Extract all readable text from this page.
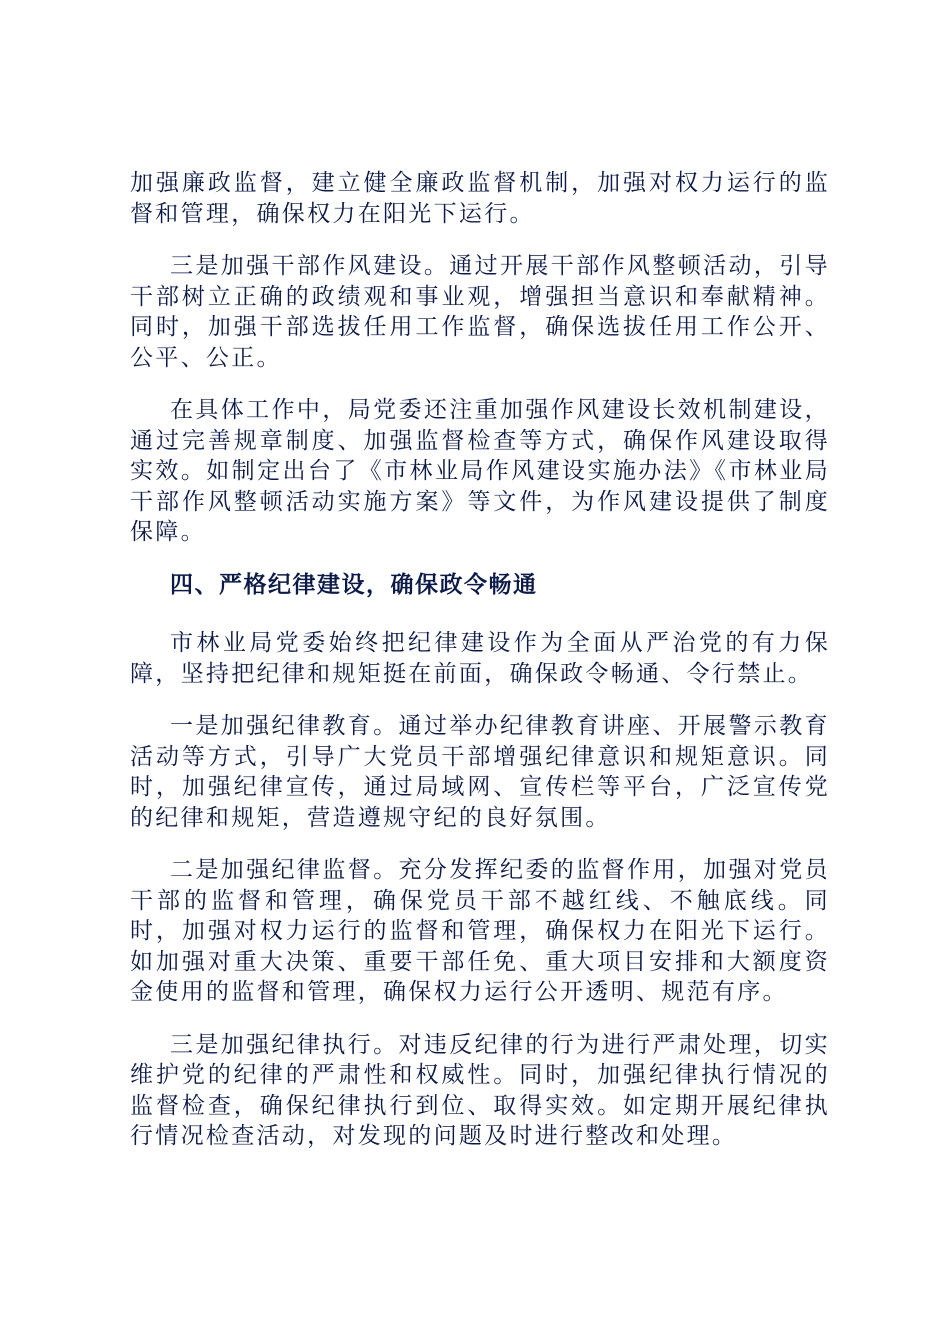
加强廉政监督，建立健全廉政监督机制，加强对权力运行的监督和管理，确保权力在阳光下运行。

三是加强干部作风建设。通过开展干部作风整顿活动，引导干部树立正确的政绩观和事业观，增强担当意识和奉献精神。同时，加强干部选拔任用工作监督，确保选拔任用工作公开、公平、公正。

在具体工作中，局党委还注重加强作风建设长效机制建设，通过完善规章制度、加强监督检查等方式，确保作风建设取得实效。如制定出台了《市林业局作风建设实施办法》《市林业局干部作风整顿活动实施方案》等文件，为作风建设提供了制度保障。

四、严格纪律建设，确保政令畅通

市林业局党委始终把纪律建设作为全面从严治党的有力保障，坚持把纪律和规矩挺在前面，确保政令畅通、令行禁止。

一是加强纪律教育。通过举办纪律教育讲座、开展警示教育活动等方式，引导广大党员干部增强纪律意识和规矩意识。同时，加强纪律宣传，通过局域网、宣传栏等平台，广泛宣传党的纪律和规矩，营造遵规守纪的良好氛围。

二是加强纪律监督。充分发挥纪委的监督作用，加强对党员干部的监督和管理，确保党员干部不越红线、不触底线。同时，加强对权力运行的监督和管理，确保权力在阳光下运行。如加强对重大决策、重要干部任免、重大项目安排和大额度资金使用的监督和管理，确保权力运行公开透明、规范有序。

三是加强纪律执行。对违反纪律的行为进行严肃处理，切实维护党的纪律的严肃性和权威性。同时，加强纪律执行情况的监督检查，确保纪律执行到位、取得实效。如定期开展纪律执行情况检查活动，对发现的问题及时进行整改和处理。
